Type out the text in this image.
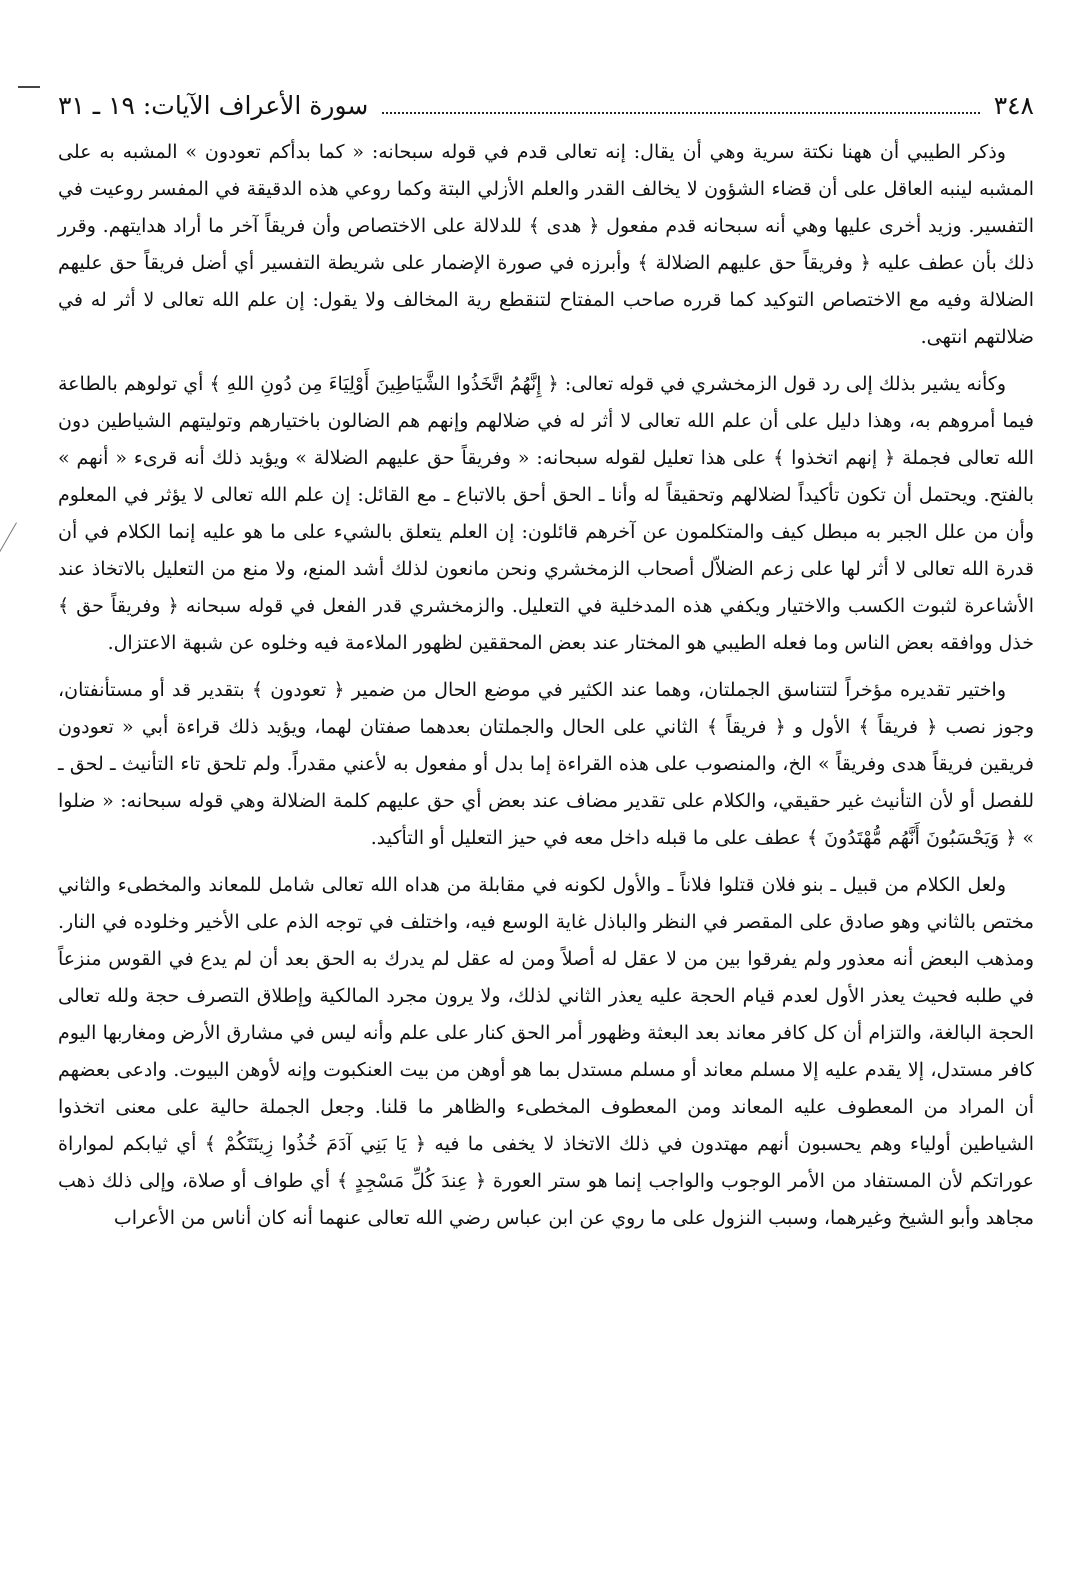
٣٤٨
سورة الأعراف الآيات: ١٩ ـ ٣١

وذكر الطيبي أن ههنا نكتة سرية وهي أن يقال: إنه تعالى قدم في قوله سبحانه: « كما بدأكم تعودون » المشبه به على المشبه لينبه العاقل على أن قضاء الشؤون لا يخالف القدر والعلم الأزلي البتة وكما روعي هذه الدقيقة في المفسر روعيت في التفسير. وزيد أخرى عليها وهي أنه سبحانه قدم مفعول ﴿ هدى ﴾ للدلالة على الاختصاص وأن فريقاً آخر ما أراد هدايتهم. وقرر ذلك بأن عطف عليه ﴿ وفريقاً حق عليهم الضلالة ﴾ وأبرزه في صورة الإضمار على شريطة التفسير أي أضل فريقاً حق عليهم الضلالة وفيه مع الاختصاص التوكيد كما قرره صاحب المفتاح لتنقطع رية المخالف ولا يقول: إن علم الله تعالى لا أثر له في ضلالتهم انتهى.

وكأنه يشير بذلك إلى رد قول الزمخشري في قوله تعالى: ﴿ إِنَّهُمُ اتَّخَذُوا الشَّيَاطِينَ أَوْلِيَاءَ مِن دُونِ اللهِ ﴾ أي تولوهم بالطاعة فيما أمروهم به، وهذا دليل على أن علم الله تعالى لا أثر له في ضلالهم وإنهم هم الضالون باختيارهم وتوليتهم الشياطين دون الله تعالى فجملة ﴿ إنهم اتخذوا ﴾ على هذا تعليل لقوله سبحانه: « وفريقاً حق عليهم الضلالة » ويؤيد ذلك أنه قرىء « أنهم » بالفتح. ويحتمل أن تكون تأكيداً لضلالهم وتحقيقاً له وأنا ـ الحق أحق بالاتباع ـ مع القائل: إن علم الله تعالى لا يؤثر في المعلوم وأن من علل الجبر به مبطل كيف والمتكلمون عن آخرهم قائلون: إن العلم يتعلق بالشيء على ما هو عليه إنما الكلام في أن قدرة الله تعالى لا أثر لها على زعم الضلاّل أصحاب الزمخشري ونحن مانعون لذلك أشد المنع، ولا منع من التعليل بالاتخاذ عند الأشاعرة لثبوت الكسب والاختيار ويكفي هذه المدخلية في التعليل. والزمخشري قدر الفعل في قوله سبحانه ﴿ وفريقاً حق ﴾ خذل ووافقه بعض الناس وما فعله الطيبي هو المختار عند بعض المحققين لظهور الملاءمة فيه وخلوه عن شبهة الاعتزال.

واختير تقديره مؤخراً لتتناسق الجملتان، وهما عند الكثير في موضع الحال من ضمير ﴿ تعودون ﴾ بتقدير قد أو مستأنفتان، وجوز نصب ﴿ فريقاً ﴾ الأول و ﴿ فريقاً ﴾ الثاني على الحال والجملتان بعدهما صفتان لهما، ويؤيد ذلك قراءة أبي « تعودون فريقين فريقاً هدى وفريقاً » الخ، والمنصوب على هذه القراءة إما بدل أو مفعول به لأعني مقدراً. ولم تلحق تاء التأنيث ـ لحق ـ للفصل أو لأن التأنيث غير حقيقي، والكلام على تقدير مضاف عند بعض أي حق عليهم كلمة الضلالة وهي قوله سبحانه: « ضلوا » ﴿ وَيَحْسَبُونَ أَنَّهُم مُّهْتَدُونَ ﴾ عطف على ما قبله داخل معه في حيز التعليل أو التأكيد.

ولعل الكلام من قبيل ـ بنو فلان قتلوا فلاناً ـ والأول لكونه في مقابلة من هداه الله تعالى شامل للمعاند والمخطىء والثاني مختص بالثاني وهو صادق على المقصر في النظر والباذل غاية الوسع فيه، واختلف في توجه الذم على الأخير وخلوده في النار. ومذهب البعض أنه معذور ولم يفرقوا بين من لا عقل له أصلاً ومن له عقل لم يدرك به الحق بعد أن لم يدع في القوس منزعاً في طلبه فحيث يعذر الأول لعدم قيام الحجة عليه يعذر الثاني لذلك، ولا يرون مجرد المالكية وإطلاق التصرف حجة ولله تعالى الحجة البالغة، والتزام أن كل كافر معاند بعد البعثة وظهور أمر الحق كنار على علم وأنه ليس في مشارق الأرض ومغاربها اليوم كافر مستدل، إلا يقدم عليه إلا مسلم معاند أو مسلم مستدل بما هو أوهن من بيت العنكبوت وإنه لأوهن البيوت. وادعى بعضهم أن المراد من المعطوف عليه المعاند ومن المعطوف المخطىء والظاهر ما قلنا. وجعل الجملة حالية على معنى اتخذوا الشياطين أولياء وهم يحسبون أنهم مهتدون في ذلك الاتخاذ لا يخفى ما فيه ﴿ يَا بَنِي آدَمَ خُذُوا زِينَتَكُمْ ﴾ أي ثيابكم لمواراة عوراتكم لأن المستفاد من الأمر الوجوب والواجب إنما هو ستر العورة ﴿ عِندَ كُلِّ مَسْجِدٍ ﴾ أي طواف أو صلاة، وإلى ذلك ذهب مجاهد وأبو الشيخ وغيرهما، وسبب النزول على ما روي عن ابن عباس رضي الله تعالى عنهما أنه كان أناس من الأعراب
